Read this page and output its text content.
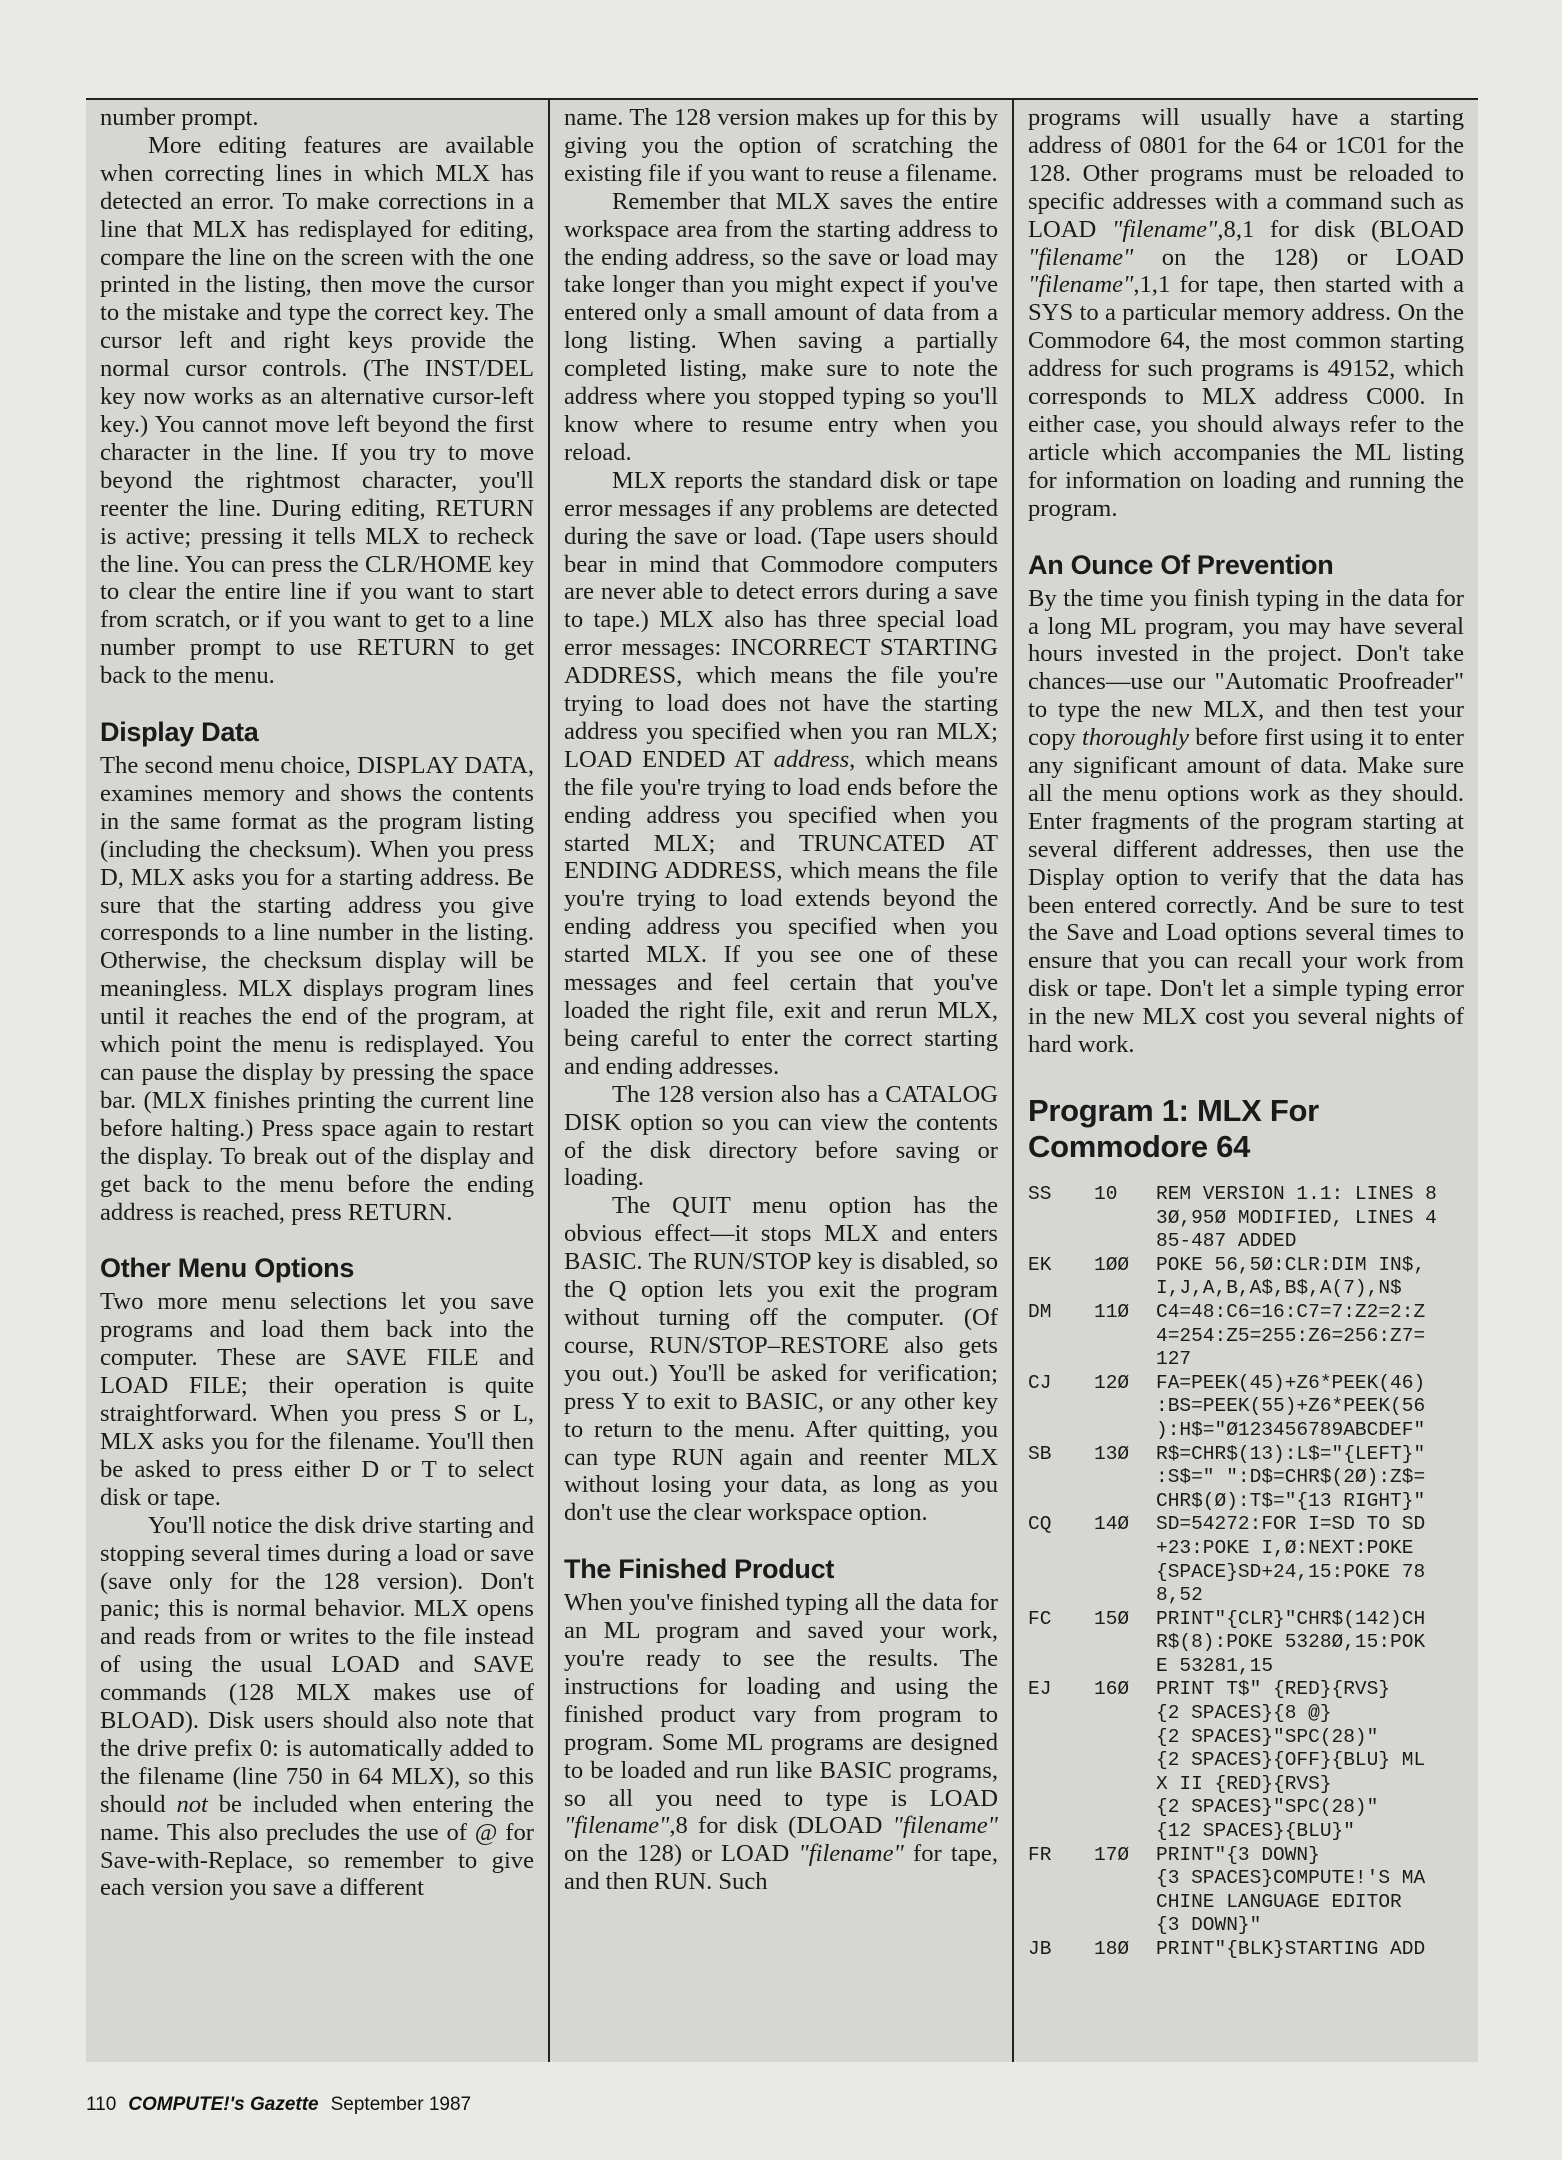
number prompt.

More editing features are available when correcting lines in which MLX has detected an error. To make corrections in a line that MLX has redisplayed for editing, compare the line on the screen with the one printed in the listing, then move the cursor to the mistake and type the correct key. The cursor left and right keys provide the normal cursor controls. (The INST/DEL key now works as an alternative cursor-left key.) You cannot move left beyond the first character in the line. If you try to move beyond the rightmost character, you'll reenter the line. During editing, RETURN is active; pressing it tells MLX to recheck the line. You can press the CLR/HOME key to clear the entire line if you want to start from scratch, or if you want to get to a line number prompt to use RETURN to get back to the menu.

Display Data

The second menu choice, DISPLAY DATA, examines memory and shows the contents in the same format as the program listing (including the checksum). When you press D, MLX asks you for a starting address. Be sure that the starting address you give corresponds to a line number in the listing. Otherwise, the checksum display will be meaningless. MLX displays program lines until it reaches the end of the program, at which point the menu is redisplayed. You can pause the display by pressing the space bar. (MLX finishes printing the current line before halting.) Press space again to restart the display. To break out of the display and get back to the menu before the ending address is reached, press RETURN.

Other Menu Options

Two more menu selections let you save programs and load them back into the computer. These are SAVE FILE and LOAD FILE; their operation is quite straightforward. When you press S or L, MLX asks you for the filename. You'll then be asked to press either D or T to select disk or tape.

You'll notice the disk drive starting and stopping several times during a load or save (save only for the 128 version). Don't panic; this is normal behavior. MLX opens and reads from or writes to the file instead of using the usual LOAD and SAVE commands (128 MLX makes use of BLOAD). Disk users should also note that the drive prefix 0: is automatically added to the filename (line 750 in 64 MLX), so this should not be included when entering the name. This also precludes the use of @ for Save-with-Replace, so remember to give each version you save a different

name. The 128 version makes up for this by giving you the option of scratching the existing file if you want to reuse a filename.

Remember that MLX saves the entire workspace area from the starting address to the ending address, so the save or load may take longer than you might expect if you've entered only a small amount of data from a long listing. When saving a partially completed listing, make sure to note the address where you stopped typing so you'll know where to resume entry when you reload.

MLX reports the standard disk or tape error messages if any problems are detected during the save or load. (Tape users should bear in mind that Commodore computers are never able to detect errors during a save to tape.) MLX also has three special load error messages: INCORRECT STARTING ADDRESS, which means the file you're trying to load does not have the starting address you specified when you ran MLX; LOAD ENDED AT address, which means the file you're trying to load ends before the ending address you specified when you started MLX; and TRUNCATED AT ENDING ADDRESS, which means the file you're trying to load extends beyond the ending address you specified when you started MLX. If you see one of these messages and feel certain that you've loaded the right file, exit and rerun MLX, being careful to enter the correct starting and ending addresses.

The 128 version also has a CATALOG DISK option so you can view the contents of the disk directory before saving or loading.

The QUIT menu option has the obvious effect—it stops MLX and enters BASIC. The RUN/STOP key is disabled, so the Q option lets you exit the program without turning off the computer. (Of course, RUN/STOP–RESTORE also gets you out.) You'll be asked for verification; press Y to exit to BASIC, or any other key to return to the menu. After quitting, you can type RUN again and reenter MLX without losing your data, as long as you don't use the clear workspace option.

The Finished Product

When you've finished typing all the data for an ML program and saved your work, you're ready to see the results. The instructions for loading and using the finished product vary from program to program. Some ML programs are designed to be loaded and run like BASIC programs, so all you need to type is LOAD "filename",8 for disk (DLOAD "filename" on the 128) or LOAD "filename" for tape, and then RUN. Such

programs will usually have a starting address of 0801 for the 64 or 1C01 for the 128. Other programs must be reloaded to specific addresses with a command such as LOAD "filename",8,1 for disk (BLOAD "filename" on the 128) or LOAD "filename",1,1 for tape, then started with a SYS to a particular memory address. On the Commodore 64, the most common starting address for such programs is 49152, which corresponds to MLX address C000. In either case, you should always refer to the article which accompanies the ML listing for information on loading and running the program.

An Ounce Of Prevention

By the time you finish typing in the data for a long ML program, you may have several hours invested in the project. Don't take chances—use our "Automatic Proofreader" to type the new MLX, and then test your copy thoroughly before first using it to enter any significant amount of data. Make sure all the menu options work as they should. Enter fragments of the program starting at several different addresses, then use the Display option to verify that the data has been entered correctly. And be sure to test the Save and Load options several times to ensure that you can recall your work from disk or tape. Don't let a simple typing error in the new MLX cost you several nights of hard work.

Program 1: MLX For Commodore 64
SS	10	REM VERSION 1.1: LINES 8
3Ø,95Ø MODIFIED, LINES 4
85-487 ADDED
EK	1ØØ	POKE 56,5Ø:CLR:DIM IN$,
I,J,A,B,A$,B$,A(7),N$
DM	11Ø	C4=48:C6=16:C7=7:Z2=2:Z
4=254:Z5=255:Z6=256:Z7=
127
CJ	12Ø	FA=PEEK(45)+Z6*PEEK(46)
:BS=PEEK(55)+Z6*PEEK(56
):H$="Ø123456789ABCDEF"
SB	13Ø	R$=CHR$(13):L$="{LEFT}"
:S$=" ":D$=CHR$(2Ø):Z$=
CHR$(Ø):T$="{13 RIGHT}"
CQ	14Ø	SD=54272:FOR I=SD TO SD
+23:POKE I,Ø:NEXT:POKE
{SPACE}SD+24,15:POKE 78
8,52
FC	15Ø	PRINT"{CLR}"CHR$(142)CH
R$(8):POKE 5328Ø,15:POK
E 53281,15
EJ	16Ø	PRINT T$" {RED}{RVS}
{2 SPACES}{8 @}
{2 SPACES}"SPC(28)"
{2 SPACES}{OFF}{BLU} ML
X II {RED}{RVS}
{2 SPACES}"SPC(28)"
{12 SPACES}{BLU}"
FR	17Ø	PRINT"{3 DOWN}
{3 SPACES}COMPUTE!'S MA
CHINE LANGUAGE EDITOR
{3 DOWN}"
JB	18Ø	PRINT"{BLK}STARTING ADD
110 COMPUTE!'s Gazette September 1987
